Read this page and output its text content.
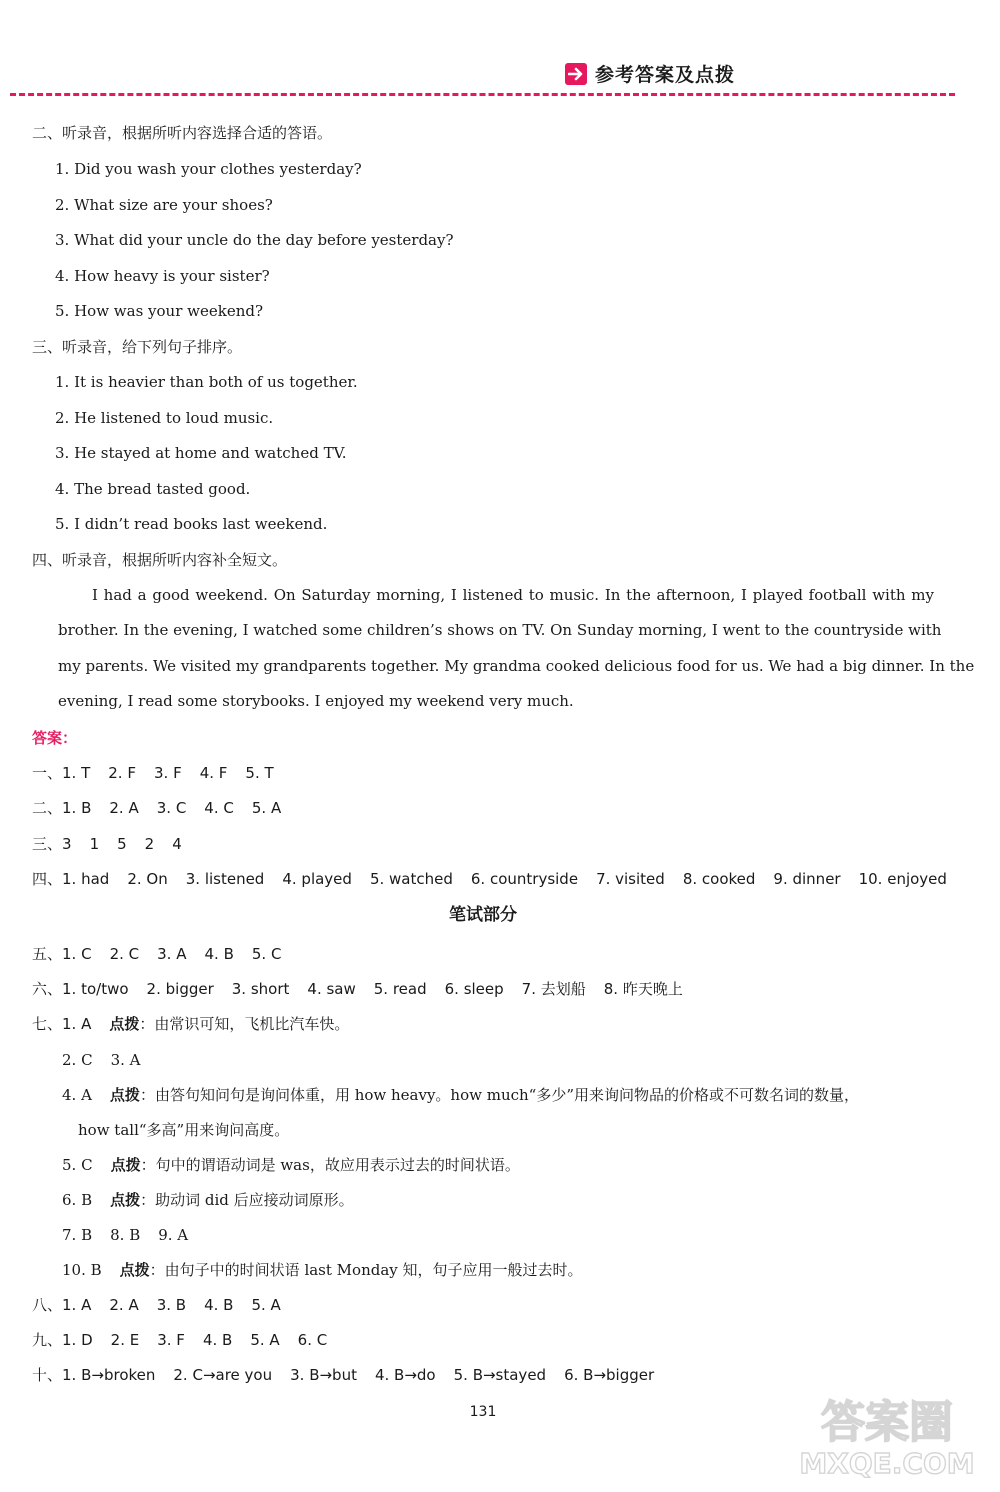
参考答案及点拨
二、听录音，根据所听内容选择合适的答语。
1. Did you wash your clothes yesterday?
2. What size are your shoes?
3. What did your uncle do the day before yesterday?
4. How heavy is your sister?
5. How was your weekend?
三、听录音，给下列句子排序。
1. It is heavier than both of us together.
2. He listened to loud music.
3. He stayed at home and watched TV.
4. The bread tasted good.
5. I didn’t read books last weekend.
四、听录音，根据所听内容补全短文。
I had a good weekend. On Saturday morning, I listened to music. In the afternoon, I played football with my
brother. In the evening, I watched some children’s shows on TV. On Sunday morning, I went to the countryside with
my parents. We visited my grandparents together. My grandma cooked delicious food for us. We had a big dinner. In the
evening, I read some storybooks. I enjoyed my weekend very much.
答案：
一、1. T 2. F 3. F 4. F 5. T
二、1. B 2. A 3. C 4. C 5. A
三、3 1 5 2 4
四、1. had 2. On 3. listened 4. played 5. watched 6. countryside 7. visited 8. cooked 9. dinner 10. enjoyed
笔试部分
五、1. C 2. C 3. A 4. B 5. C
六、1. to/two 2. bigger 3. short 4. saw 5. read 6. sleep 7. 去划船 8. 昨天晚上
七、1. A 点拨：由常识可知，飞机比汽车快。
2. C 3. A
4. A 点拨：由答句知问句是询问体重，用 how heavy。how much“多少”用来询问物品的价格或不可数名词的数量，
how tall“多高”用来询问高度。
5. C 点拨：句中的谓语动词是 was，故应用表示过去的时间状语。
6. B 点拨：助动词 did 后应接动词原形。
7. B 8. B 9. A
10. B 点拨：由句子中的时间状语 last Monday 知，句子应用一般过去时。
八、1. A 2. A 3. B 4. B 5. A
九、1. D 2. E 3. F 4. B 5. A 6. C
十、1. B→broken 2. C→are you 3. B→but 4. B→do 5. B→stayed 6. B→bigger
131	答案圈
MXQE.COM
